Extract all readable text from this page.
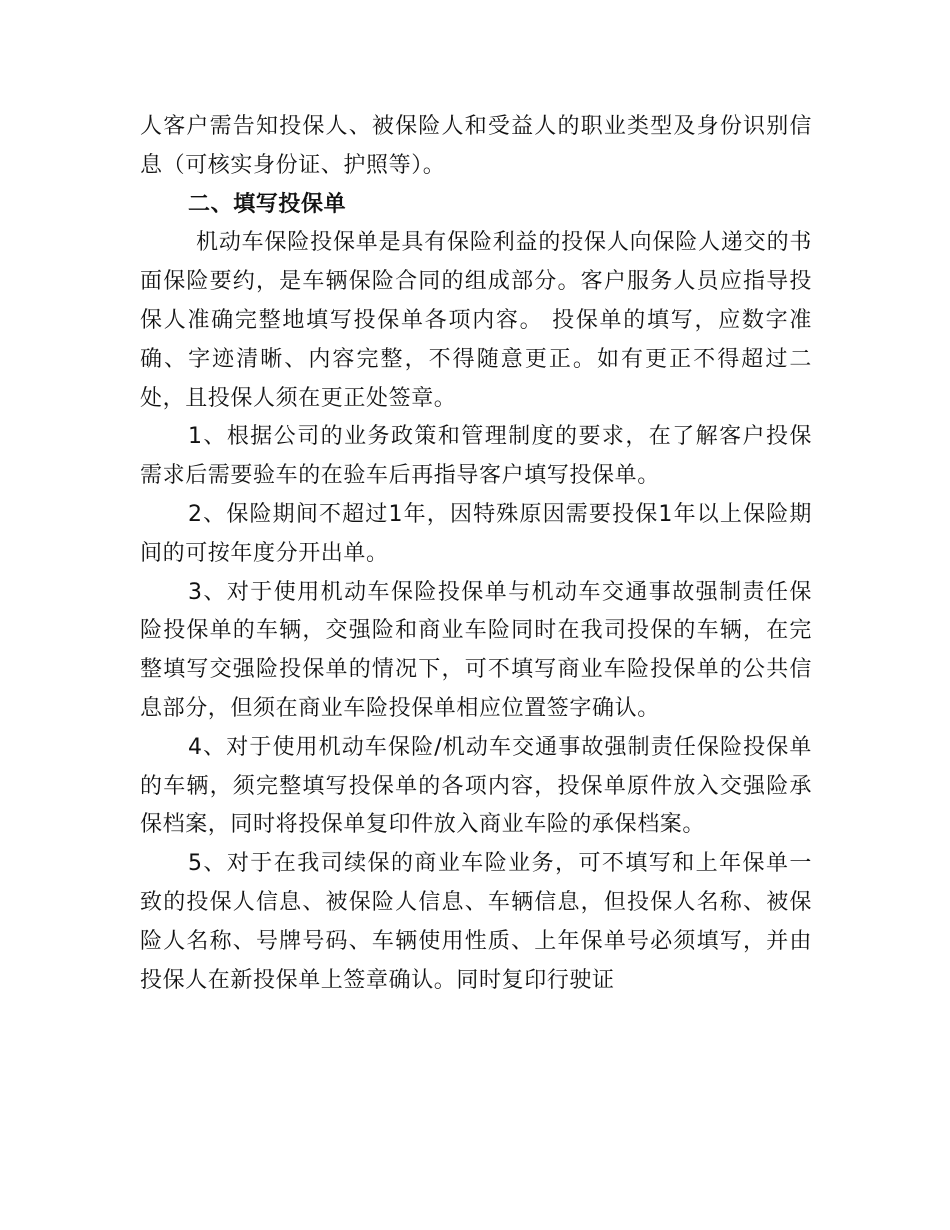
人客户需告知投保人、被保险人和受益人的职业类型及身份识别信息（可核实身份证、护照等）。

二、填写投保单

机动车保险投保单是具有保险利益的投保人向保险人递交的书面保险要约，是车辆保险合同的组成部分。客户服务人员应指导投保人准确完整地填写投保单各项内容。 投保单的填写，应数字准确、字迹清晰、内容完整，不得随意更正。如有更正不得超过二处，且投保人须在更正处签章。

1、根据公司的业务政策和管理制度的要求，在了解客户投保需求后需要验车的在验车后再指导客户填写投保单。

2、保险期间不超过1年，因特殊原因需要投保1年以上保险期间的可按年度分开出单。

3、对于使用机动车保险投保单与机动车交通事故强制责任保险投保单的车辆，交强险和商业车险同时在我司投保的车辆，在完整填写交强险投保单的情况下，可不填写商业车险投保单的公共信息部分，但须在商业车险投保单相应位置签字确认。

4、对于使用机动车保险/机动车交通事故强制责任保险投保单的车辆，须完整填写投保单的各项内容，投保单原件放入交强险承保档案，同时将投保单复印件放入商业车险的承保档案。

5、对于在我司续保的商业车险业务，可不填写和上年保单一致的投保人信息、被保险人信息、车辆信息，但投保人名称、被保险人名称、号牌号码、车辆使用性质、上年保单号必须填写，并由投保人在新投保单上签章确认。同时复印行驶证
